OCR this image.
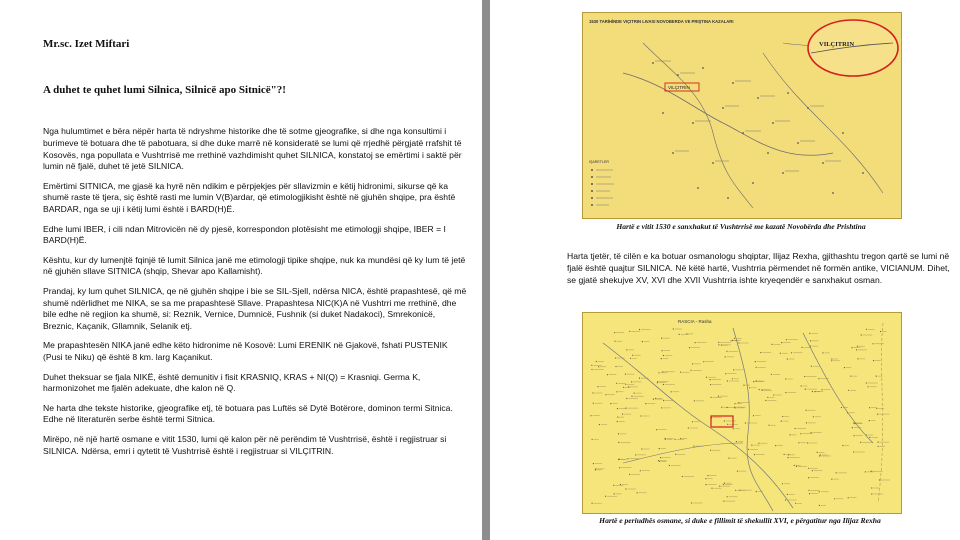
Mr.sc. Izet Miftari
A duhet te quhet lumi Silnica, Silnicë apo Sitnicë"?!

Nga hulumtimet e bëra nëpër harta të ndryshme historike dhe të sotme gjeografike, si dhe nga konsultimi i burimeve të botuara dhe të pabotuara, si dhe duke marrë në konsideratë se lumi që rrjedhë përgjatë rrafshit të Kosovës, nga popullata e Vushtrrisë me rrethinë vazhdimisht quhet SILNICA, konstatoj se emërtimi i saktë për lumin në fjalë, duhet të jetë SILNICA.

Emërtimi SITNICA, me gjasë ka hyrë nën ndikim e përpjekjes për sllavizmin e këtij hidronimi, sikurse që ka shumë raste të tjera, siç është rasti me lumin V(B)ardar, që etimologjikisht është në gjuhën shqipe, pra është BARDAR, nga se uji i këtij lumi është i BARD(H)Ë.

Edhe lumi IBER, i cili ndan Mitrovicën në dy pjesë, korrespondon plotësisht me etimologji shqipe, IBER = I BARD(H)Ë.

Kështu, kur dy lumenjtë fqinjë të lumit Silnica janë me etimologji tipike shqipe, nuk ka mundësi që ky lum të jetë në gjuhën sllave SITNICA (shqip, Shevar apo Kallamisht).

Prandaj, ky lum quhet SILNICA, qe në gjuhën shqipe i bie se SIL-Sjell, ndërsa NICA, është prapashtesë, që më shumë ndërlidhet me NIKA, se sa me prapashtesë Sllave. Prapashtesa NIC(K)A në Vushtrri me rrethinë, dhe bile edhe në regjion ka shumë, si: Reznik, Vernice, Dumnicë, Fushnik (si duket Nadakoci), Smrekonicë, Breznic, Kaçanik, Gllamnik, Selanik etj.

Me prapashtesën NIKA janë edhe këto hidronime në Kosovë: Lumi ERENIK në Gjakovë, fshati PUSTENIK (Pusi te Niku) që është 8 km. larg Kaçanikut.

Duhet theksuar se fjala NIKË, është demunitiv i fisit KRASNIQ, KRAS + NI(Q) = Krasniqi. Germa K, harmonizohet me fjalën adekuate, dhe kalon në Q.

Ne harta dhe tekste historike, gjeografike etj, të botuara pas Luftës së Dytë Botërore, dominon termi Sitnica. Edhe në literaturën serbe është termi Sitnica.

Mirëpo, në një hartë osmane e vitit 1530, lumi që kalon për në perëndim të Vushtrrisë, është i regjistruar si SILNICA. Ndërsa, emri i qytetit të Vushtrrisë është i regjistruar si VILÇITRIN.

1530 TARİHİNDE VIÇITRIN LIVASI NOVOBERDA VE PRIŞTINA KAZALARI
VILÇITRIN
VILÇITRIN
İŞARETLER
Hartë e vitit 1530 e sanxhakut të Vushtrrisë me kazatë Novobërda dhe Prishtina
Harta tjetër, të cilën e ka botuar osmanologu shqiptar, Ilijaz Rexha, gjithashtu tregon qartë se lumi në fjalë është quajtur SILNICA. Në këtë hartë, Vushtrria përmendet në formën antike, VICIANUM. Dihet, se gjatë shekujve XV, XVI dhe XVII Vushtrria ishte kryeqendër e sanxhakut osman.
RASCIA - Rasha
Hartë e periudhës osmane, si duke e fillimit të shekullit XVI, e përgatitur nga Ilijaz Rexha
